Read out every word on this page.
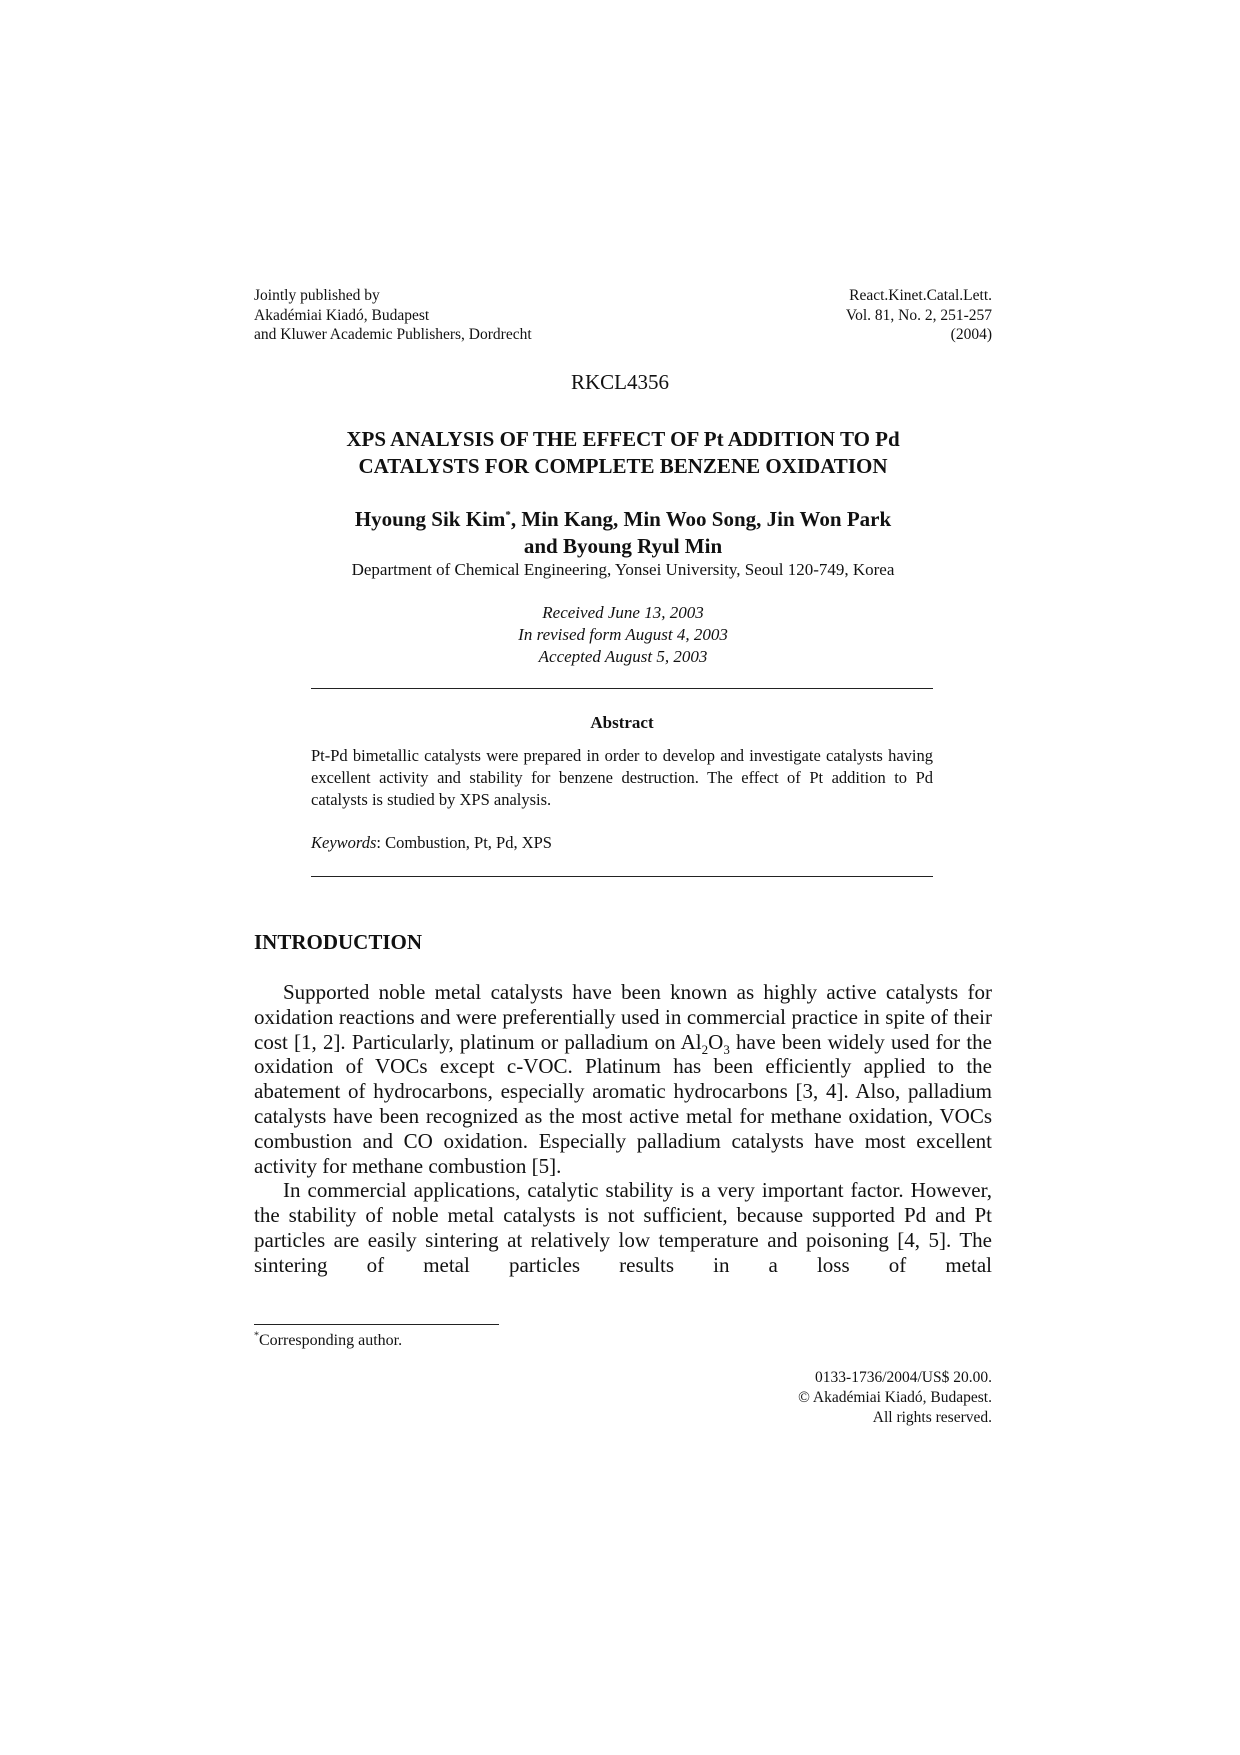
Jointly published by
Akadémiai Kiadó, Budapest
and Kluwer Academic Publishers, Dordrecht
React.Kinet.Catal.Lett.
Vol. 81, No. 2, 251-257
(2004)
RKCL4356
XPS ANALYSIS OF THE EFFECT OF Pt ADDITION TO Pd
CATALYSTS FOR COMPLETE BENZENE OXIDATION
Hyoung Sik Kim*, Min Kang, Min Woo Song, Jin Won Park
and Byoung Ryul Min
Department of Chemical Engineering, Yonsei University, Seoul 120-749, Korea
Received June 13, 2003
In revised form August 4, 2003
Accepted August 5, 2003
Abstract
Pt-Pd bimetallic catalysts were prepared in order to develop and investigate catalysts having excellent activity and stability for benzene destruction. The effect of Pt addition to Pd catalysts is studied by XPS analysis.
Keywords: Combustion, Pt, Pd, XPS
INTRODUCTION

Supported noble metal catalysts have been known as highly active catalysts for oxidation reactions and were preferentially used in commercial practice in spite of their cost [1, 2]. Particularly, platinum or palladium on $Al_2O_3$ have been widely used for the oxidation of VOCs except c-VOC. Platinum has been efficiently applied to the abatement of hydrocarbons, especially aromatic hydrocarbons [3, 4]. Also, palladium catalysts have been recognized as the most active metal for methane oxidation, VOCs combustion and CO oxidation. Especially palladium catalysts have most excellent activity for methane combustion [5].

In commercial applications, catalytic stability is a very important factor. However, the stability of noble metal catalysts is not sufficient, because supported Pd and Pt particles are easily sintering at relatively low temperature and poisoning [4, 5]. The sintering of metal particles results in a loss of metal

*Corresponding author.
0133-1736/2004/US$ 20.00.
© Akadémiai Kiadó, Budapest.
All rights reserved.
